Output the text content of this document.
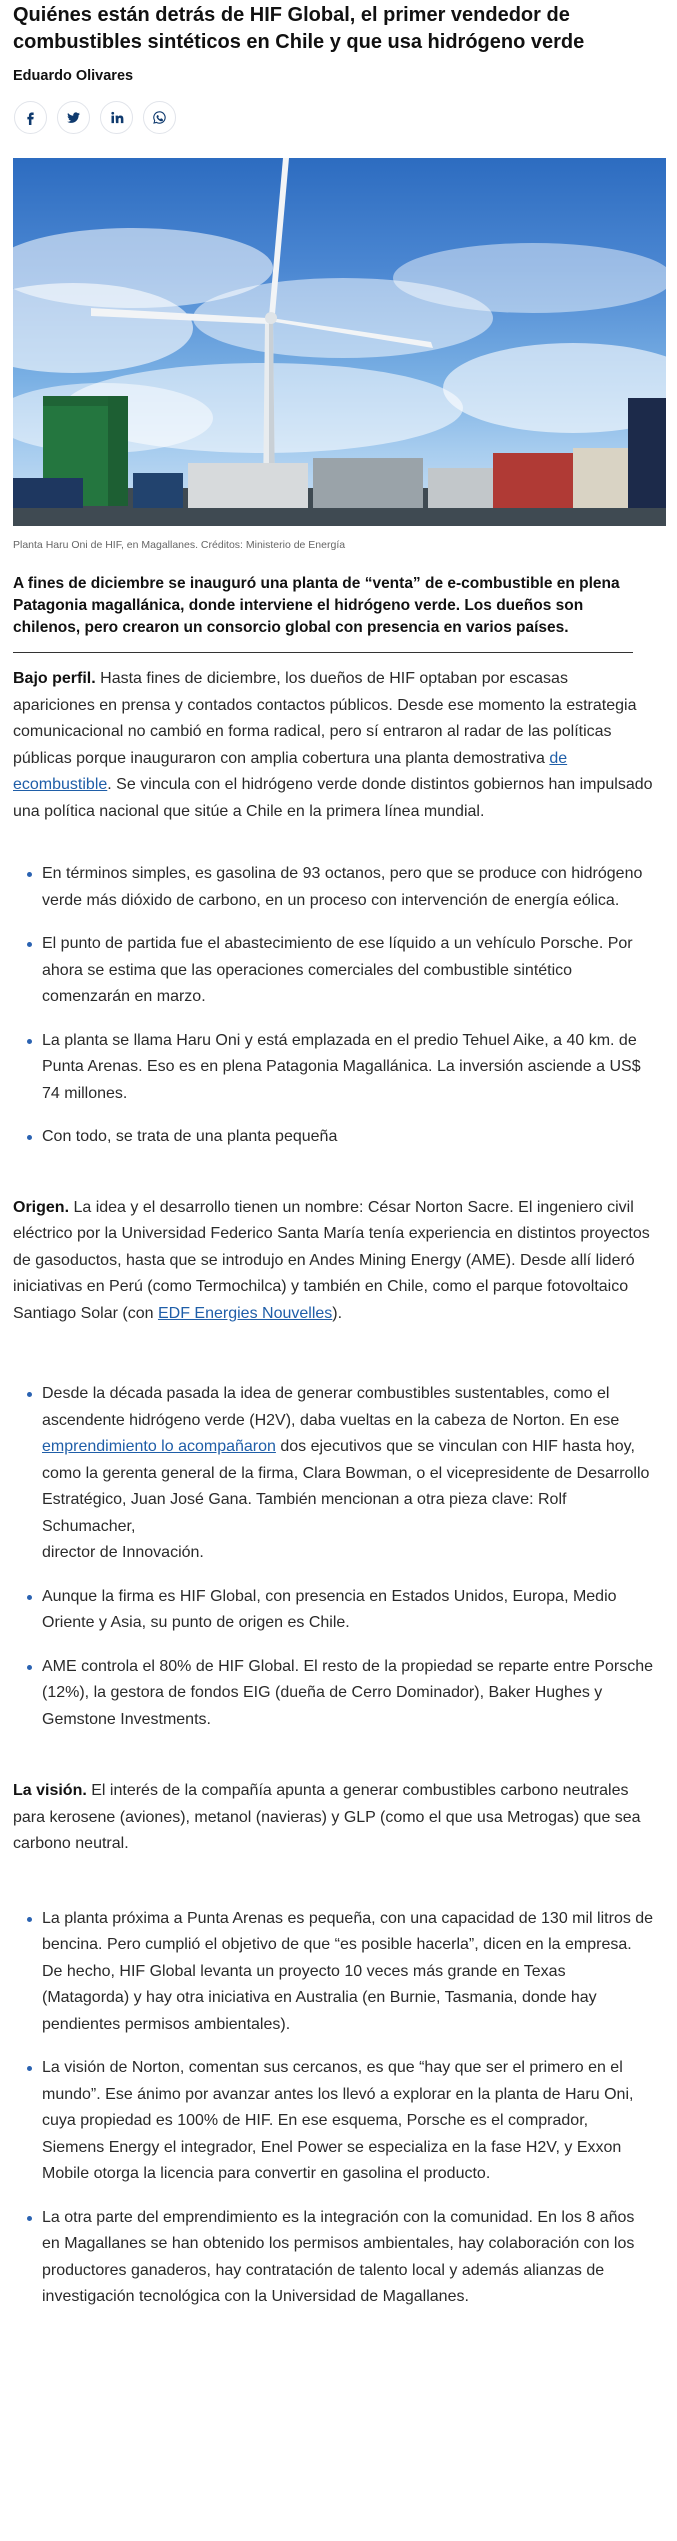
Quiénes están detrás de HIF Global, el primer vendedor de combustibles sintéticos en Chile y que usa hidrógeno verde
Eduardo Olivares
Planta Haru Oni de HIF, en Magallanes. Créditos: Ministerio de Energía

A fines de diciembre se inauguró una planta de “venta” de e-combustible en plena Patagonia magallánica, donde interviene el hidrógeno verde. Los dueños son chilenos, pero crearon un consorcio global con presencia en varios países.

Bajo perfil. Hasta fines de diciembre, los dueños de HIF optaban por escasas apariciones en prensa y contados contactos públicos. Desde ese momento la estrategia comunicacional no cambió en forma radical, pero sí entraron al radar de las políticas públicas porque inauguraron con amplia cobertura una planta demostrativa de ecombustible. Se vincula con el hidrógeno verde donde distintos gobiernos han impulsado una política nacional que sitúe a Chile en la primera línea mundial.

En términos simples, es gasolina de 93 octanos, pero que se produce con hidrógeno verde más dióxido de carbono, en un proceso con intervención de energía eólica.
El punto de partida fue el abastecimiento de ese líquido a un vehículo Porsche. Por ahora se estima que las operaciones comerciales del combustible sintético comenzarán en marzo.
La planta se llama Haru Oni y está emplazada en el predio Tehuel Aike, a 40 km. de Punta Arenas. Eso es en plena Patagonia Magallánica. La inversión asciende a US$ 74 millones.
Con todo, se trata de una planta pequeña

Origen. La idea y el desarrollo tienen un nombre: César Norton Sacre. El ingeniero civil eléctrico por la Universidad Federico Santa María tenía experiencia en distintos proyectos de gasoductos, hasta que se introdujo en Andes Mining Energy (AME). Desde allí lideró iniciativas en Perú (como Termochilca) y también en Chile, como el parque fotovoltaico Santiago Solar (con EDF Energies Nouvelles).

Desde la década pasada la idea de generar combustibles sustentables, como el ascendente hidrógeno verde (H2V), daba vueltas en la cabeza de Norton. En ese emprendimiento lo acompañaron dos ejecutivos que se vinculan con HIF hasta hoy, como la gerenta general de la firma, Clara Bowman, o el vicepresidente de Desarrollo Estratégico, Juan José Gana. También mencionan a otra pieza clave: Rolf Schumacher,
director de Innovación.
Aunque la firma es HIF Global, con presencia en Estados Unidos, Europa, Medio Oriente y Asia, su punto de origen es Chile.
AME controla el 80% de HIF Global. El resto de la propiedad se reparte entre Porsche (12%), la gestora de fondos EIG (dueña de Cerro Dominador), Baker Hughes y Gemstone Investments.

La visión. El interés de la compañía apunta a generar combustibles carbono neutrales para kerosene (aviones), metanol (navieras) y GLP (como el que usa Metrogas) que sea carbono neutral.

La planta próxima a Punta Arenas es pequeña, con una capacidad de 130 mil litros de bencina. Pero cumplió el objetivo de que “es posible hacerla”, dicen en la empresa. De hecho, HIF Global levanta un proyecto 10 veces más grande en Texas (Matagorda) y hay otra iniciativa en Australia (en Burnie, Tasmania, donde hay pendientes permisos ambientales).
La visión de Norton, comentan sus cercanos, es que “hay que ser el primero en el mundo”. Ese ánimo por avanzar antes los llevó a explorar en la planta de Haru Oni, cuya propiedad es 100% de HIF. En ese esquema, Porsche es el comprador, Siemens Energy el integrador, Enel Power se especializa en la fase H2V, y Exxon Mobile otorga la licencia para convertir en gasolina el producto.
La otra parte del emprendimiento es la integración con la comunidad. En los 8 años en Magallanes se han obtenido los permisos ambientales, hay colaboración con los productores ganaderos, hay contratación de talento local y además alianzas de investigación tecnológica con la Universidad de Magallanes.
